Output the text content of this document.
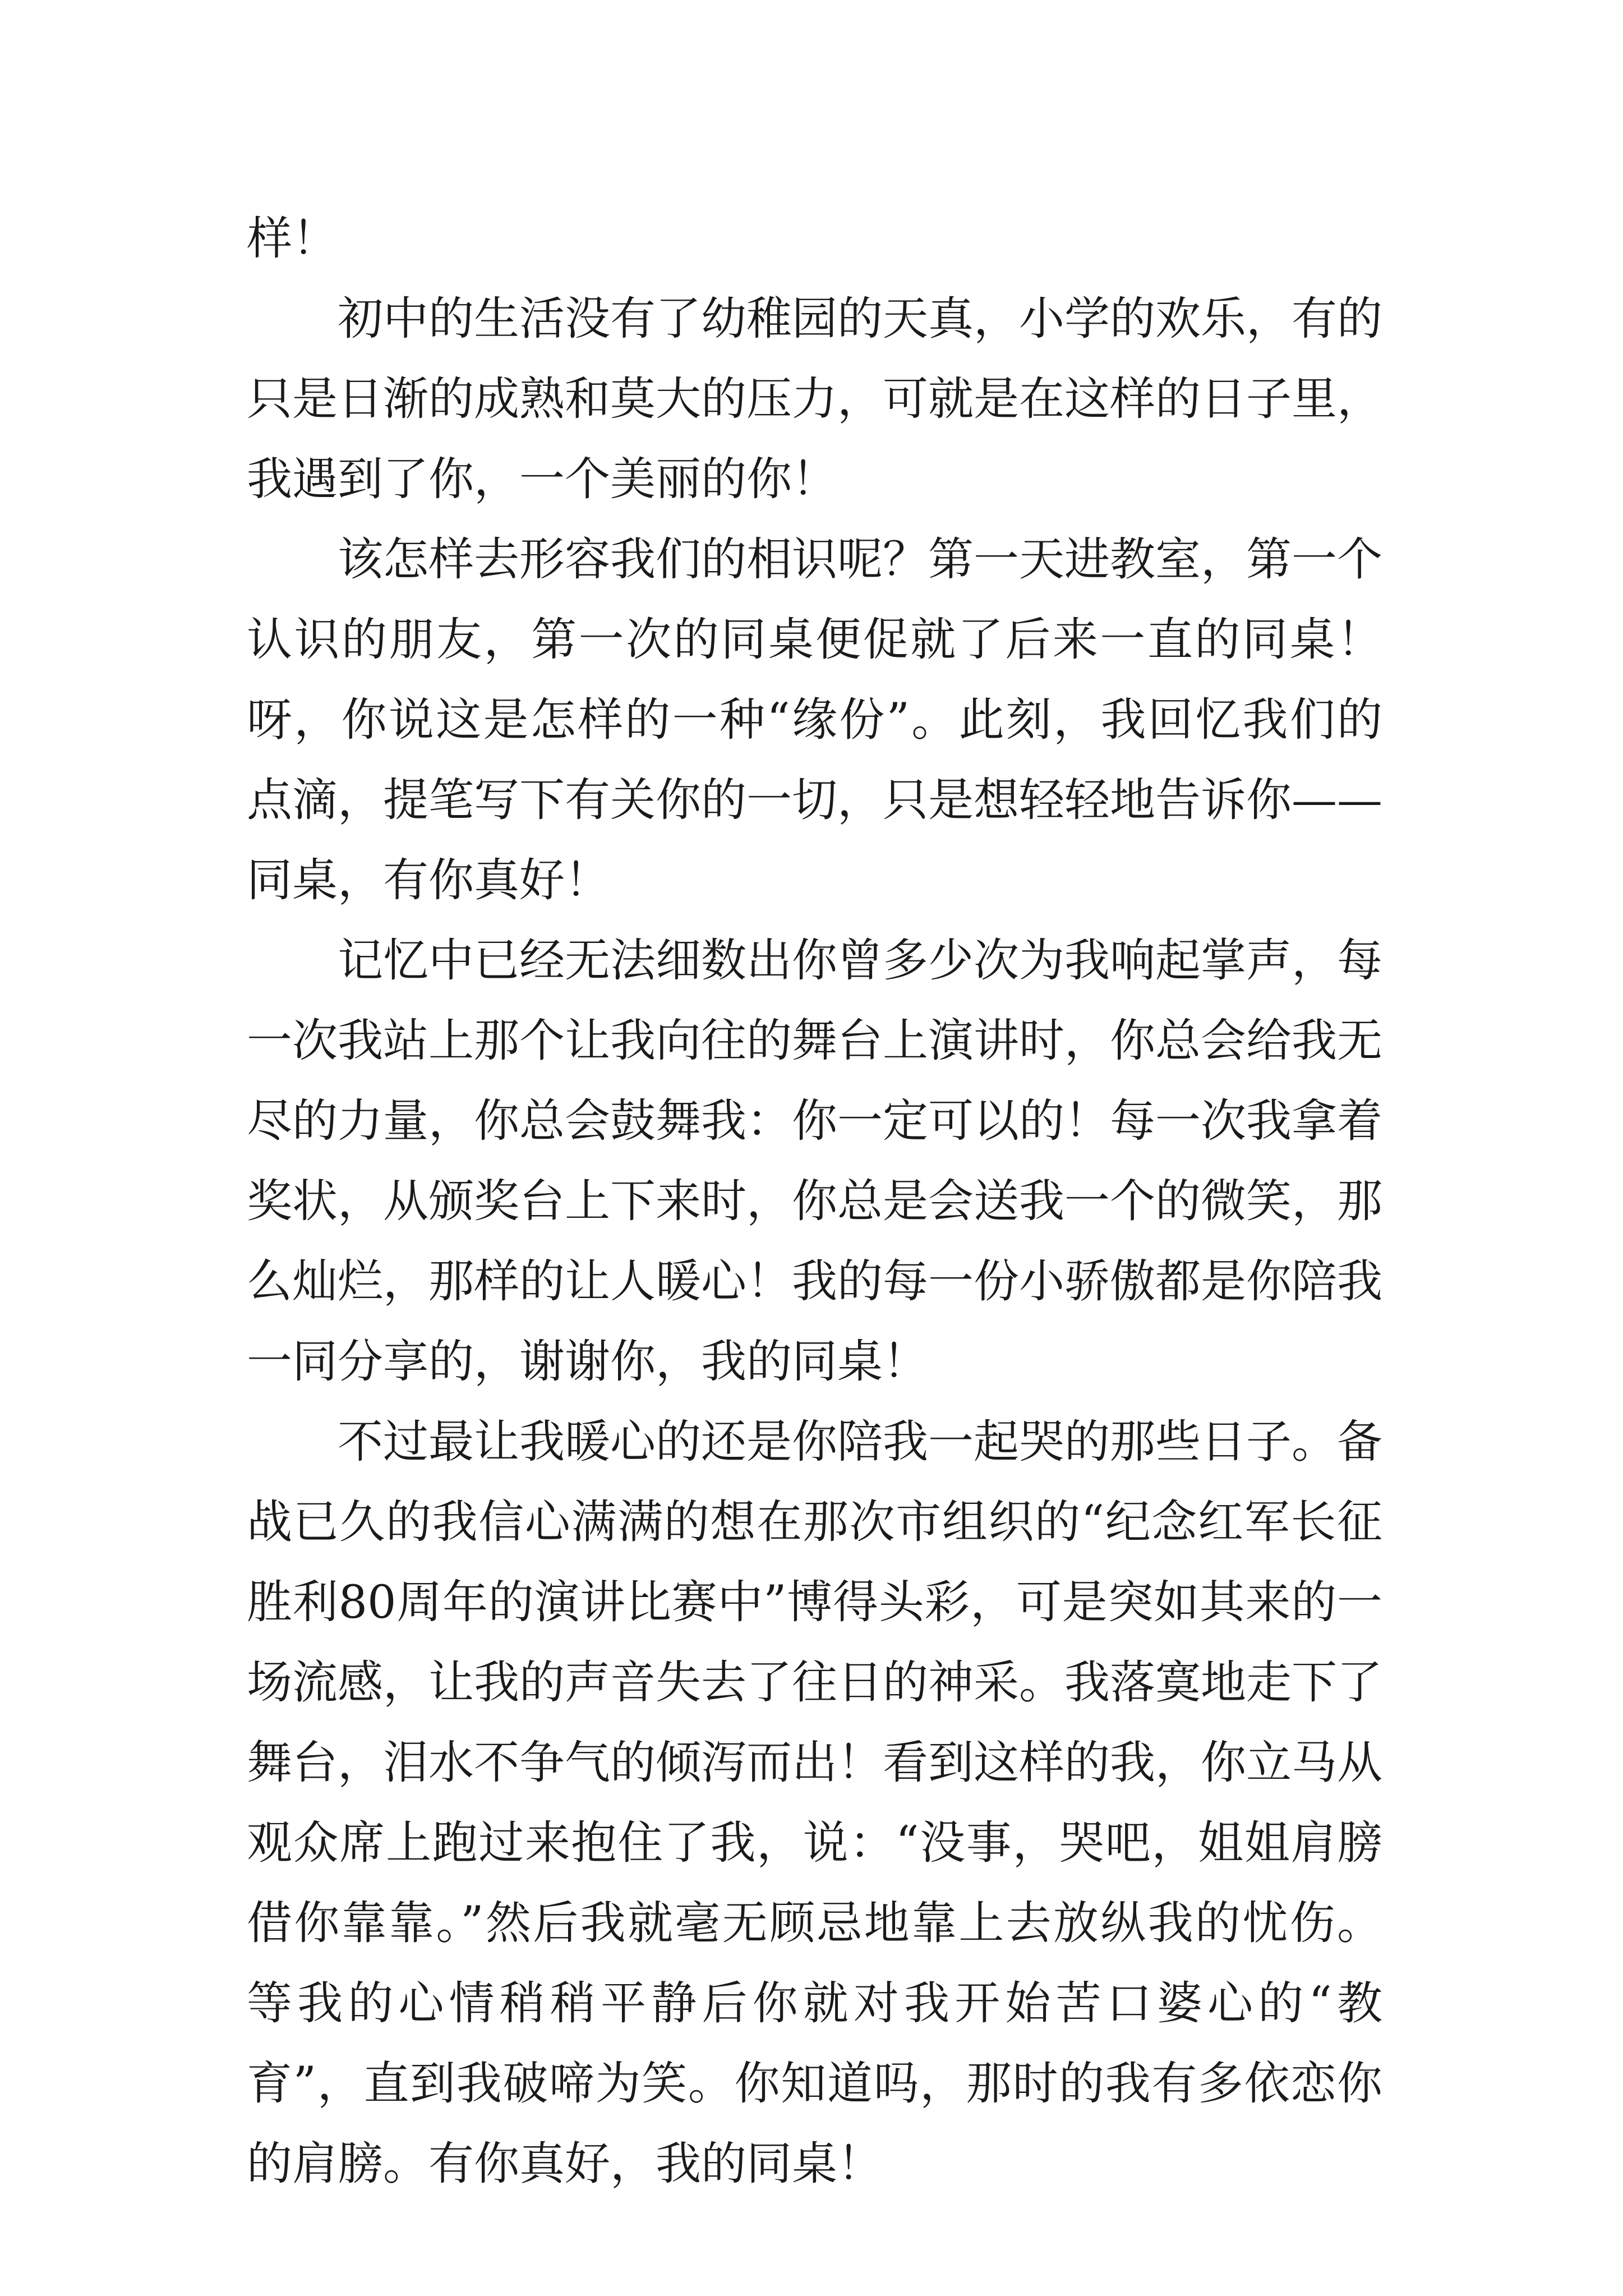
样！

初中的生活没有了幼稚园的天真，小学的欢乐，有的只是日渐的成熟和莫大的压力，可就是在这样的日子里，我遇到了你，一个美丽的你！

该怎样去形容我们的相识呢？第一天进教室，第一个认识的朋友，第一次的同桌便促就了后来一直的同桌！呀，你说这是怎样的一种“缘份”。此刻，我回忆我们的点滴，提笔写下有关你的一切，只是想轻轻地告诉你——同桌，有你真好！

记忆中已经无法细数出你曾多少次为我响起掌声，每一次我站上那个让我向往的舞台上演讲时，你总会给我无尽的力量，你总会鼓舞我：你一定可以的！每一次我拿着奖状，从颁奖台上下来时，你总是会送我一个的微笑，那么灿烂，那样的让人暖心！我的每一份小骄傲都是你陪我一同分享的，谢谢你，我的同桌！

不过最让我暖心的还是你陪我一起哭的那些日子。备战已久的我信心满满的想在那次市组织的“纪念红军长征胜利80周年的演讲比赛中”博得头彩，可是突如其来的一场流感，让我的声音失去了往日的神采。我落寞地走下了舞台，泪水不争气的倾泻而出！看到这样的我，你立马从观众席上跑过来抱住了我，说：“没事，哭吧，姐姐肩膀借你靠靠。”然后我就毫无顾忌地靠上去放纵我的忧伤。等我的心情稍稍平静后你就对我开始苦口婆心的“教育”，直到我破啼为笑。你知道吗，那时的我有多依恋你的肩膀。有你真好，我的同桌！
